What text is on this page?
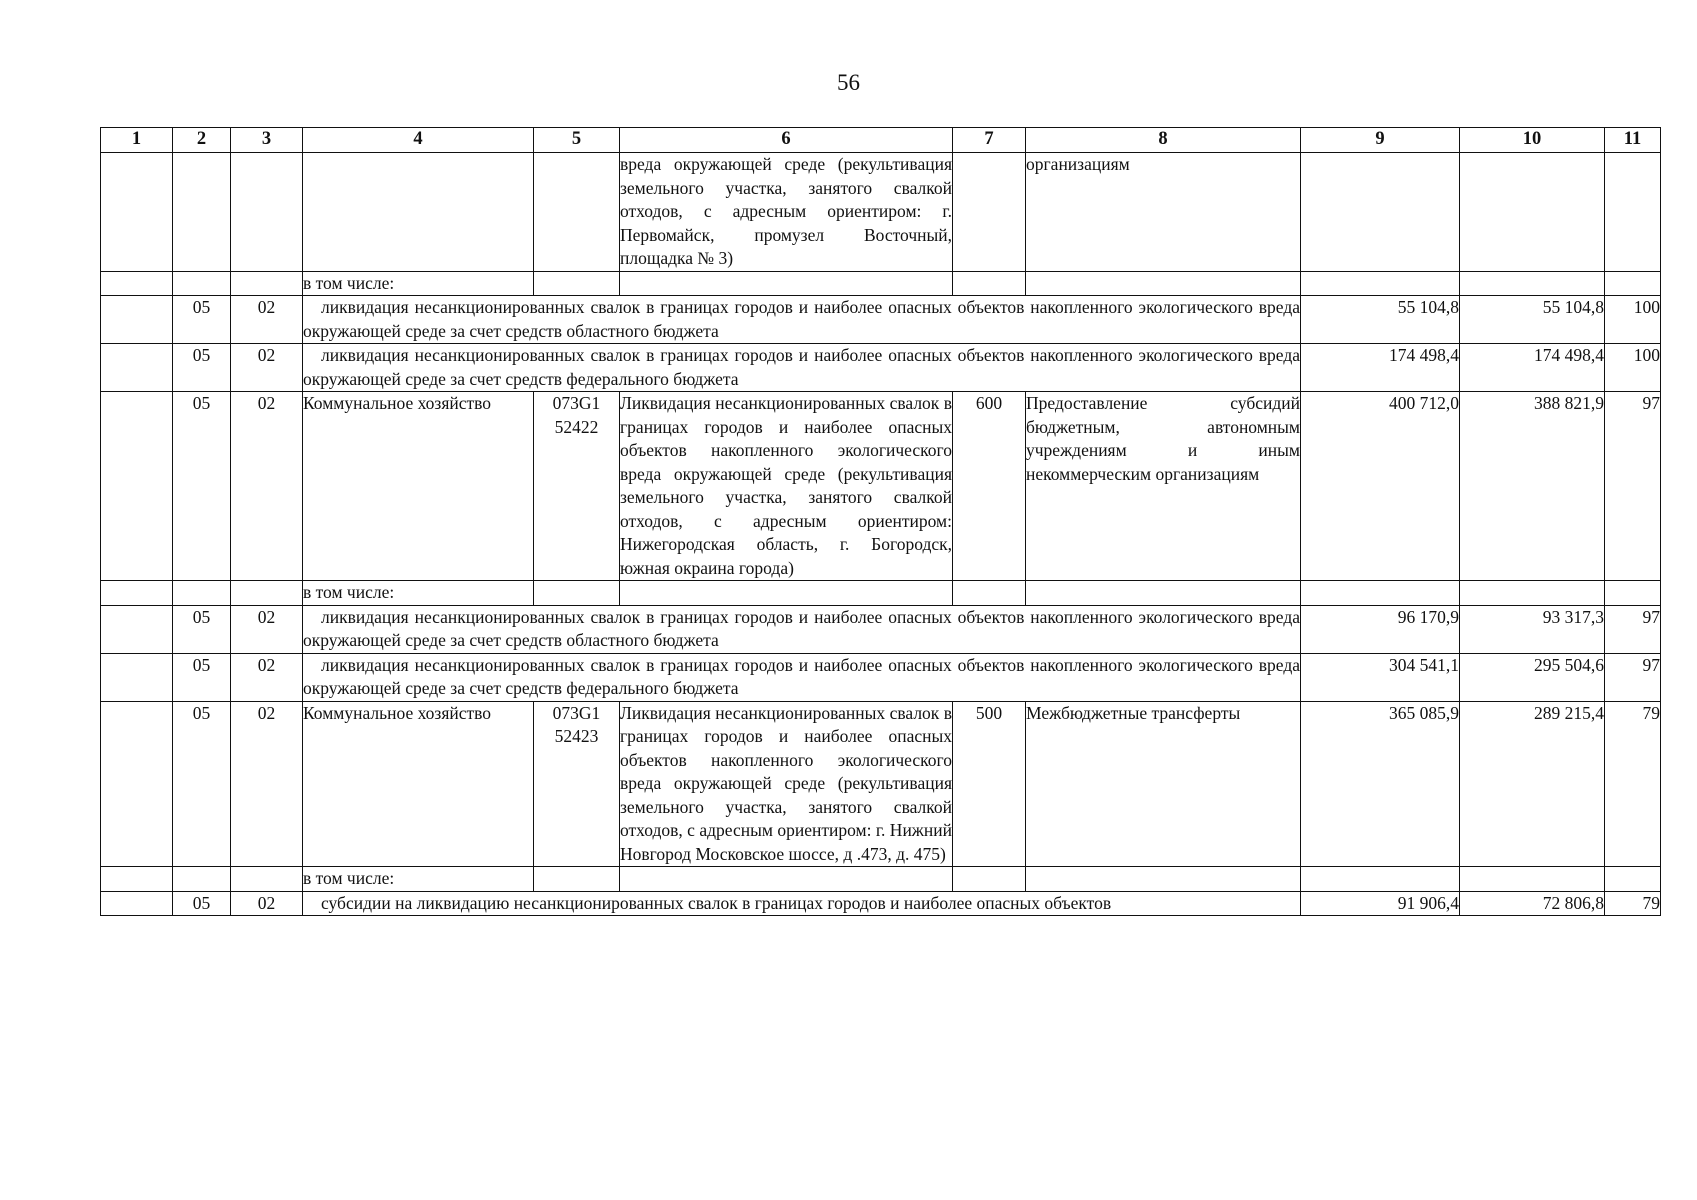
56
1	2	3	4	5	6	7	8	9	10	11
					вреда окружающей среде (рекультивация земельного участка, занятого свалкой отходов, с адресным ориентиром: г. Первомайск, промузел Восточный, площадка № 3)		организациям			
			в том числе:							
	05	02	ликвидация несанкционированных свалок в границах городов и наиболее опасных объектов накопленного экологического вреда окружающей среде за счет средств областного бюджета					55 104,8	55 104,8	100
	05	02	ликвидация несанкционированных свалок в границах городов и наиболее опасных объектов накопленного экологического вреда окружающей среде за счет средств федерального бюджета					174 498,4	174 498,4	100
	05	02	Коммунальное хозяйство	073G1 52422	Ликвидация несанкционированных свалок в границах городов и наиболее опасных объектов накопленного экологического вреда окружающей среде (рекультивация земельного участка, занятого свалкой отходов, с адресным ориентиром: Нижегородская область, г. Богородск, южная окраина города)	600	Предоставление субсидий бюджетным, автономным учреждениям и иным некоммерческим организациям	400 712,0	388 821,9	97
			в том числе:							
	05	02	ликвидация несанкционированных свалок в границах городов и наиболее опасных объектов накопленного экологического вреда окружающей среде за счет средств областного бюджета					96 170,9	93 317,3	97
	05	02	ликвидация несанкционированных свалок в границах городов и наиболее опасных объектов накопленного экологического вреда окружающей среде за счет средств федерального бюджета					304 541,1	295 504,6	97
	05	02	Коммунальное хозяйство	073G1 52423	Ликвидация несанкционированных свалок в границах городов и наиболее опасных объектов накопленного экологического вреда окружающей среде (рекультивация земельного участка, занятого свалкой отходов, с адресным ориентиром: г. Нижний Новгород Московское шоссе, д .473, д. 475)	500	Межбюджетные трансферты	365 085,9	289 215,4	79
			в том числе:							
	05	02	субсидии на ликвидацию несанкционированных свалок в границах городов и наиболее опасных объектов					91 906,4	72 806,8	79
